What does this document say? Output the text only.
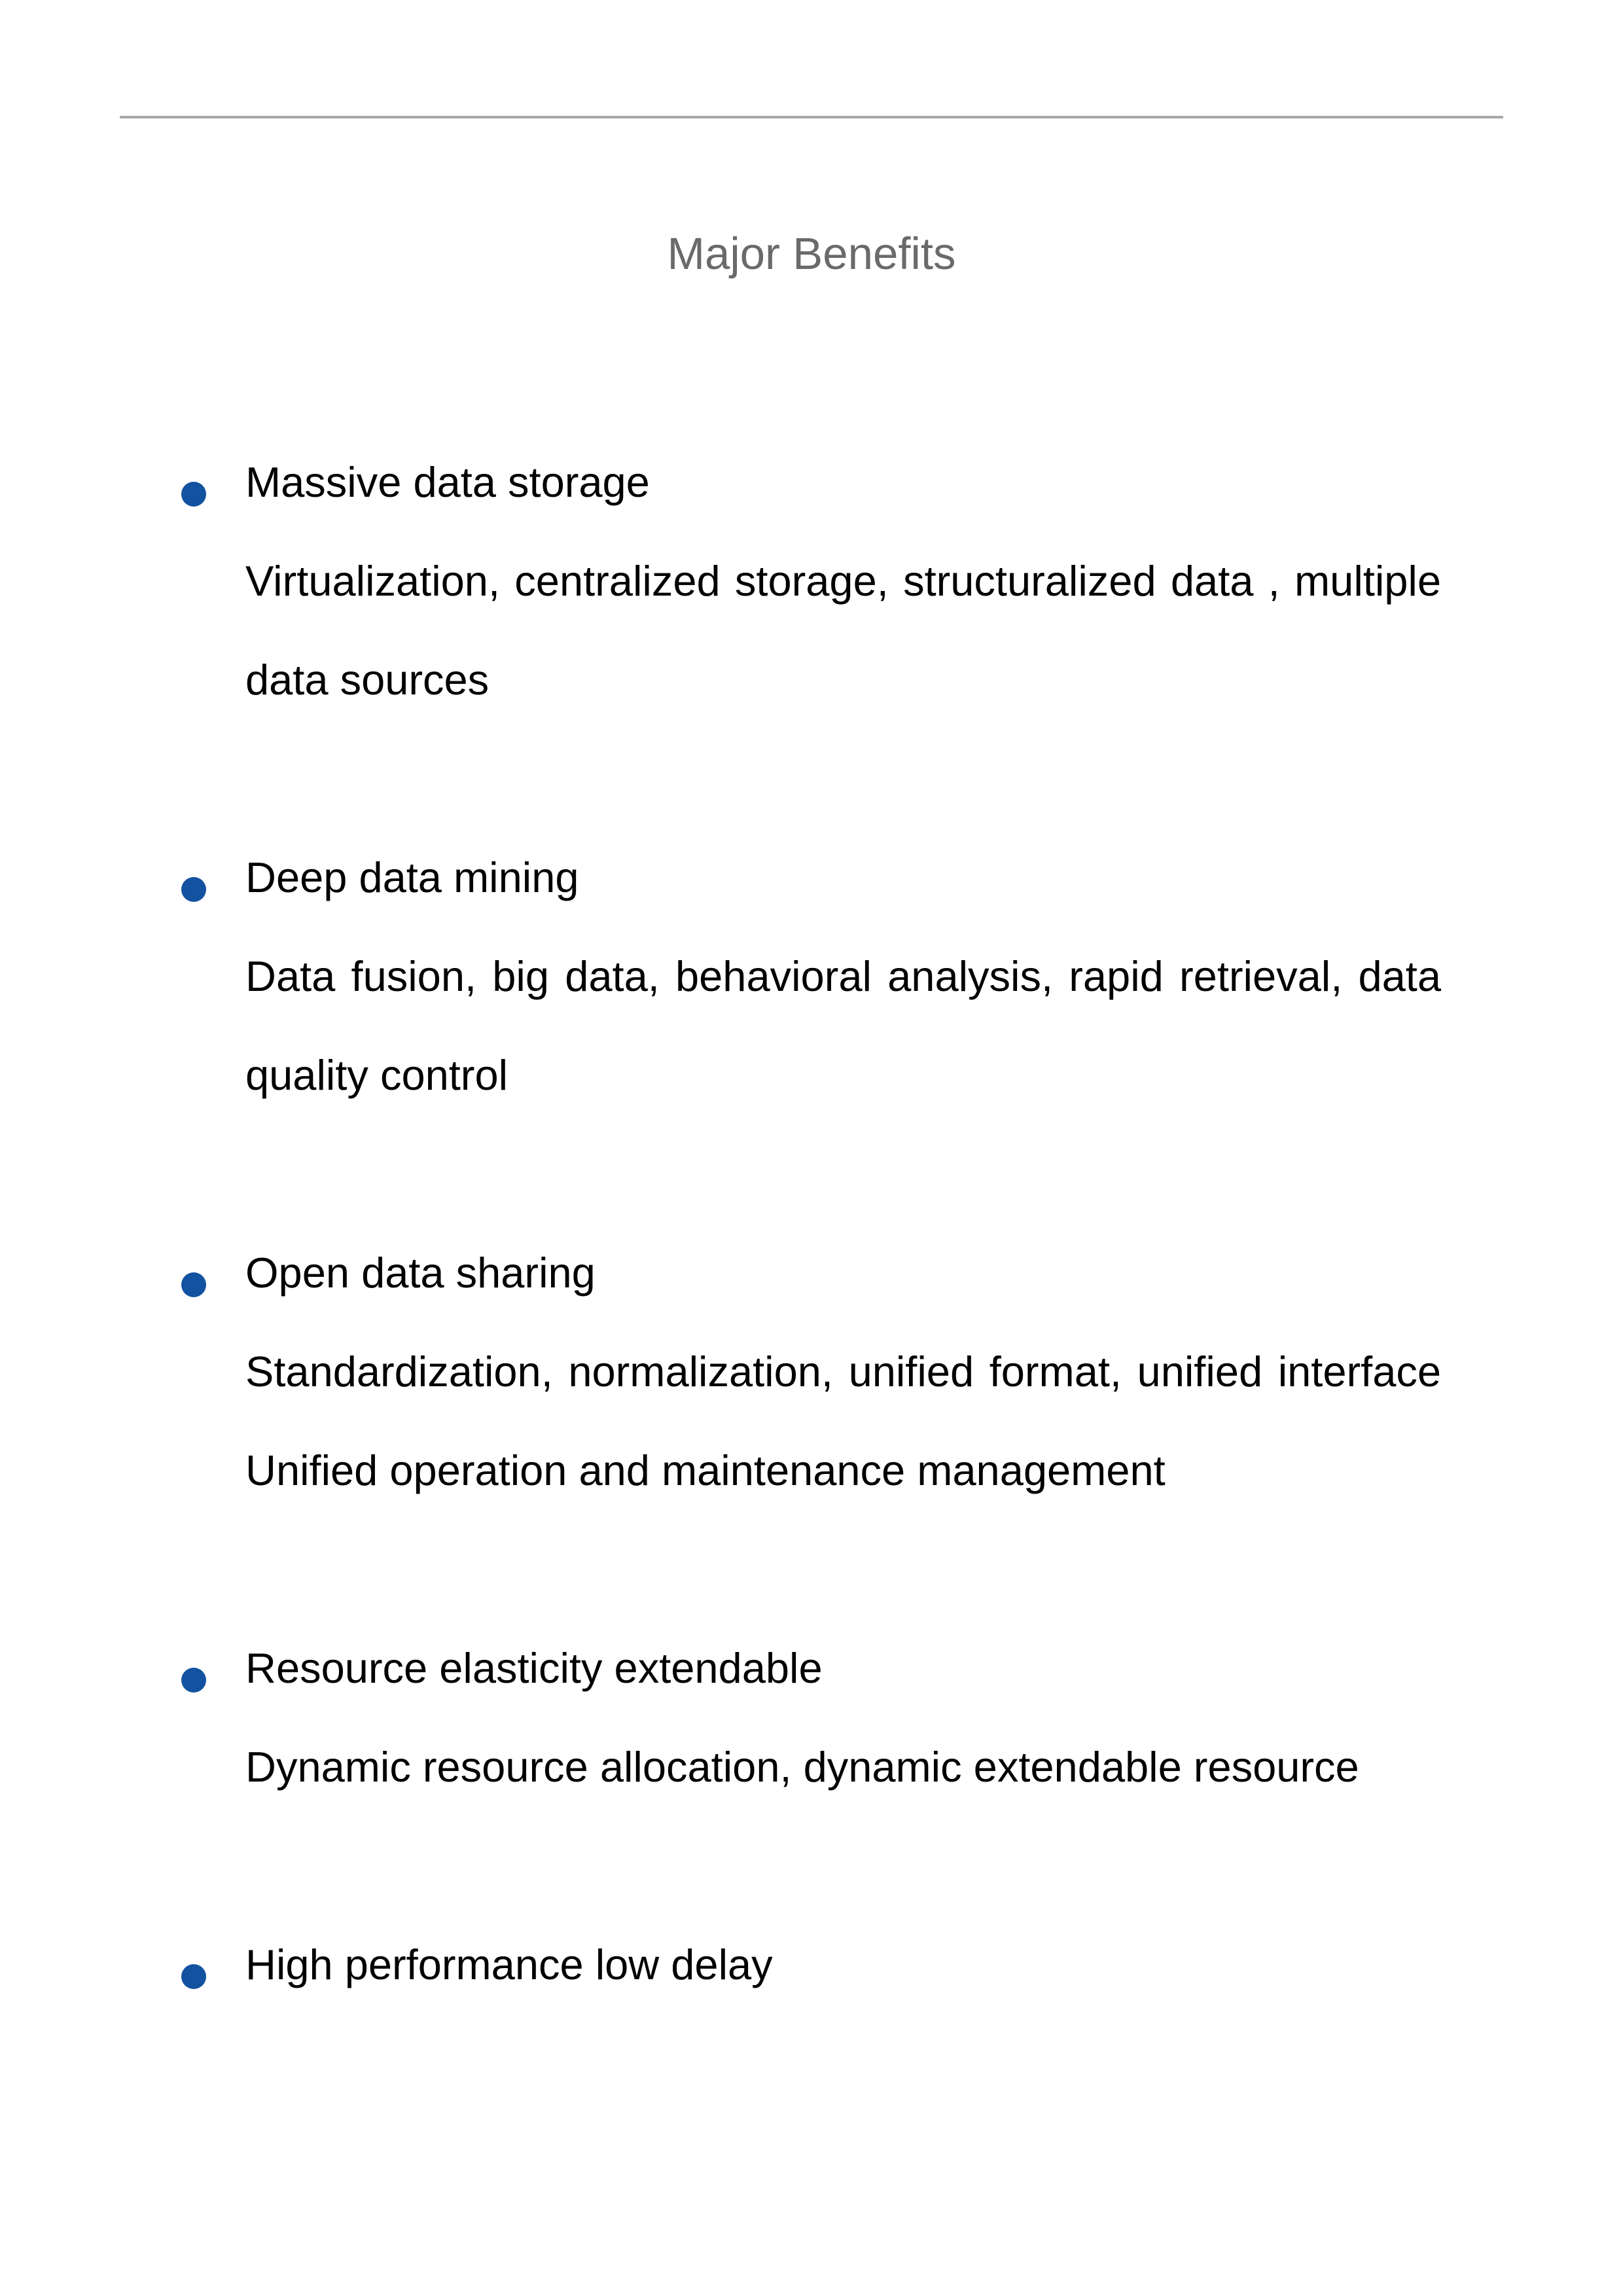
Major Benefits
Massive data storage
Virtualization, centralized storage, structuralized data , multiple
data sources
Deep data mining
Data fusion, big data, behavioral analysis, rapid retrieval, data
quality control
Open data sharing
Standardization, normalization, unified format, unified interface
Unified operation and maintenance management
Resource elasticity extendable
Dynamic resource allocation, dynamic extendable resource
High performance low delay
